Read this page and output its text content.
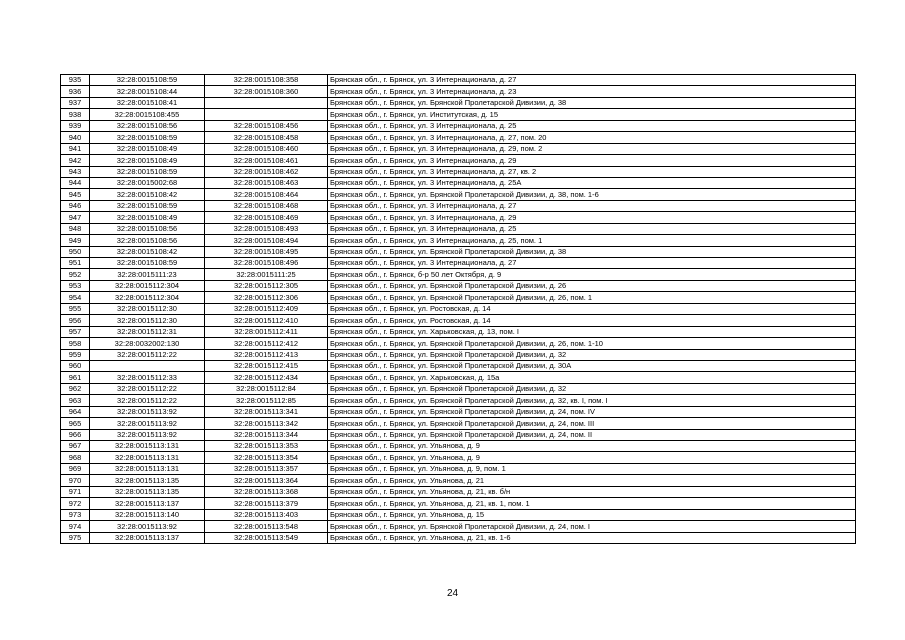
935	32:28:0015108:59	32:28:0015108:358	Брянская обл., г. Брянск, ул. 3 Интернационала, д. 27
936	32:28:0015108:44	32:28:0015108:360	Брянская обл., г. Брянск, ул. 3 Интернационала, д. 23
937	32:28:0015108:41		Брянская обл., г. Брянск, ул. Брянской Пролетарской Дивизии, д. 38
938	32:28:0015108:455		Брянская обл., г. Брянск, ул. Институтская, д. 15
939	32:28:0015108:56	32:28:0015108:456	Брянская обл., г. Брянск, ул. 3 Интернационала, д. 25
940	32:28:0015108:59	32:28:0015108:458	Брянская обл., г. Брянск, ул. 3 Интернационала, д. 27, пом. 20
941	32:28:0015108:49	32:28:0015108:460	Брянская обл., г. Брянск, ул. 3 Интернационала, д. 29, пом. 2
942	32:28:0015108:49	32:28:0015108:461	Брянская обл., г. Брянск, ул. 3 Интернационала, д. 29
943	32:28:0015108:59	32:28:0015108:462	Брянская обл., г. Брянск, ул. 3 Интернационала, д. 27, кв. 2
944	32:28:0015002:68	32:28:0015108:463	Брянская обл., г. Брянск, ул. 3 Интернационала, д. 25А
945	32:28:0015108:42	32:28:0015108:464	Брянская обл., г. Брянск, ул. Брянской Пролетарской Дивизии, д. 38, пом. 1-6
946	32:28:0015108:59	32:28:0015108:468	Брянская обл., г. Брянск, ул. 3 Интернационала, д. 27
947	32:28:0015108:49	32:28:0015108:469	Брянская обл., г. Брянск, ул. 3 Интернационала, д. 29
948	32:28:0015108:56	32:28:0015108:493	Брянская обл., г. Брянск, ул. 3 Интернационала, д. 25
949	32:28:0015108:56	32:28:0015108:494	Брянская обл., г. Брянск, ул. 3 Интернационала, д. 25, пом. 1
950	32:28:0015108:42	32:28:0015108:495	Брянская обл., г. Брянск, ул. Брянской Пролетарской Дивизии, д. 38
951	32:28:0015108:59	32:28:0015108:496	Брянская обл., г. Брянск, ул. 3 Интернационала, д. 27
952	32:28:0015111:23	32:28:0015111:25	Брянская обл., г. Брянск, б-р 50 лет Октября, д. 9
953	32:28:0015112:304	32:28:0015112:305	Брянская обл., г. Брянск, ул. Брянской Пролетарской Дивизии, д. 26
954	32:28:0015112:304	32:28:0015112:306	Брянская обл., г. Брянск, ул. Брянской Пролетарской Дивизии, д. 26, пом. 1
955	32:28:0015112:30	32:28:0015112:409	Брянская обл., г. Брянск, ул. Ростовская, д. 14
956	32:28:0015112:30	32:28:0015112:410	Брянская обл., г. Брянск, ул. Ростовская, д. 14
957	32:28:0015112:31	32:28:0015112:411	Брянская обл., г. Брянск, ул. Харьковская, д. 13, пом. I
958	32:28:0032002:130	32:28:0015112:412	Брянская обл., г. Брянск, ул. Брянской Пролетарской Дивизии, д. 26, пом. 1-10
959	32:28:0015112:22	32:28:0015112:413	Брянская обл., г. Брянск, ул. Брянской Пролетарской Дивизии, д. 32
960		32:28:0015112:415	Брянская обл., г. Брянск, ул. Брянской Пролетарской Дивизии, д. 30А
961	32:28:0015112:33	32:28:0015112:434	Брянская обл., г. Брянск, ул. Харьковская, д. 15а
962	32:28:0015112:22	32:28:0015112:84	Брянская обл., г. Брянск, ул. Брянской Пролетарской Дивизии, д. 32
963	32:28:0015112:22	32:28:0015112:85	Брянская обл., г. Брянск, ул. Брянской Пролетарской Дивизии, д. 32, кв. I, пом. I
964	32:28:0015113:92	32:28:0015113:341	Брянская обл., г. Брянск, ул. Брянской Пролетарской Дивизии, д. 24, пом. IV
965	32:28:0015113:92	32:28:0015113:342	Брянская обл., г. Брянск, ул. Брянской Пролетарской Дивизии, д. 24, пом. III
966	32:28:0015113:92	32:28:0015113:344	Брянская обл., г. Брянск, ул. Брянской Пролетарской Дивизии, д. 24, пом. II
967	32:28:0015113:131	32:28:0015113:353	Брянская обл., г. Брянск, ул. Ульянова, д. 9
968	32:28:0015113:131	32:28:0015113:354	Брянская обл., г. Брянск, ул. Ульянова, д. 9
969	32:28:0015113:131	32:28:0015113:357	Брянская обл., г. Брянск, ул. Ульянова, д. 9, пом. 1
970	32:28:0015113:135	32:28:0015113:364	Брянская обл., г. Брянск, ул. Ульянова, д. 21
971	32:28:0015113:135	32:28:0015113:368	Брянская обл., г. Брянск, ул. Ульянова, д. 21, кв. б/н
972	32:28:0015113:137	32:28:0015113:379	Брянская обл., г. Брянск, ул. Ульянова, д. 21, кв. 1, пом. 1
973	32:28:0015113:140	32:28:0015113:403	Брянская обл., г. Брянск, ул. Ульянова, д. 15
974	32:28:0015113:92	32:28:0015113:548	Брянская обл., г. Брянск, ул. Брянской Пролетарской Дивизии, д. 24, пом. I
975	32:28:0015113:137	32:28:0015113:549	Брянская обл., г. Брянск, ул. Ульянова, д. 21, кв. 1-6
24
